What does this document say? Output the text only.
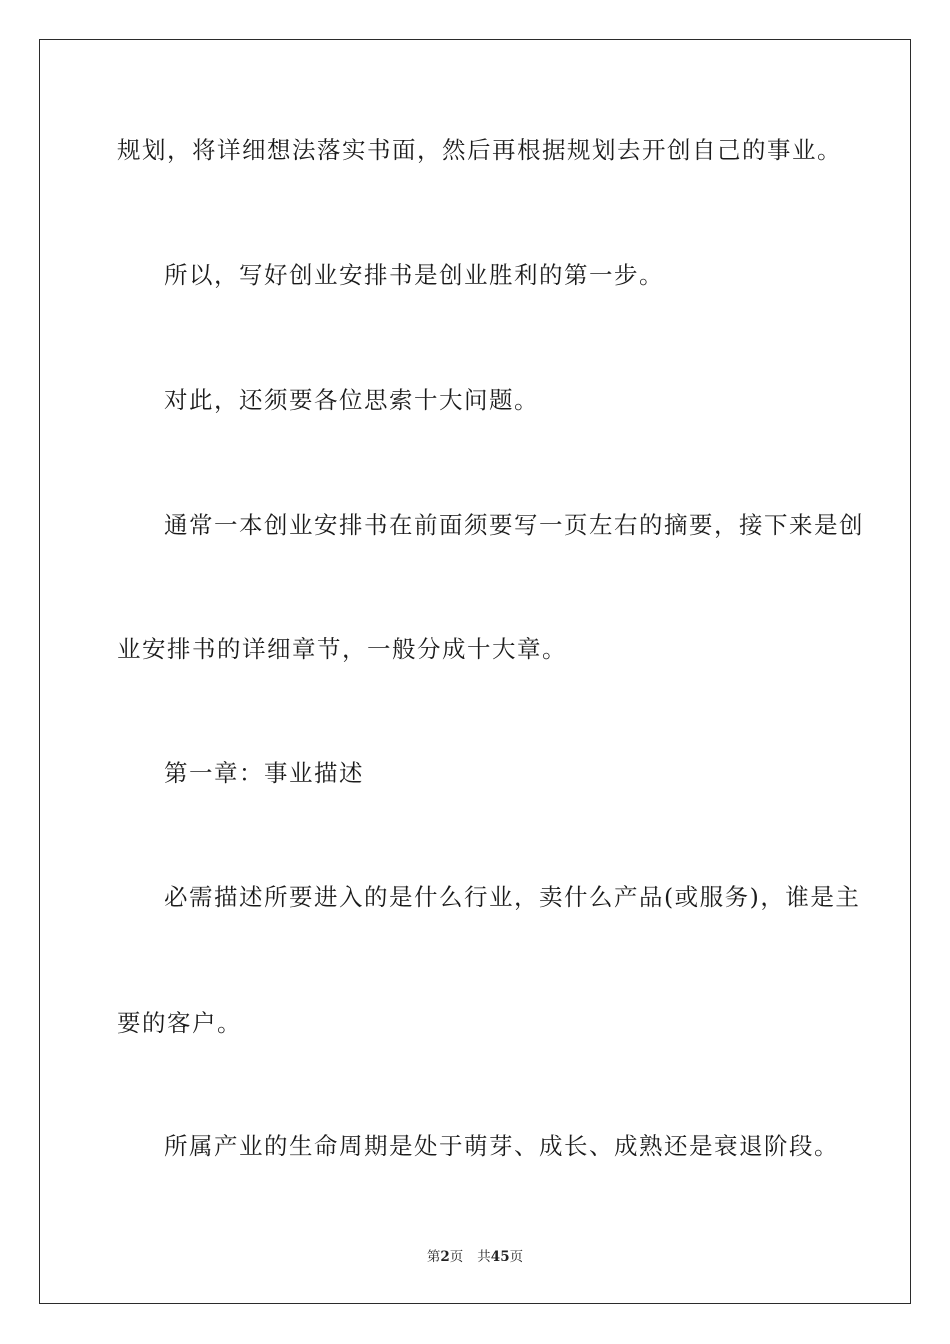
规划，将详细想法落实书面，然后再根据规划去开创自己的事业。
所以，写好创业安排书是创业胜利的第一步。
对此，还须要各位思索十大问题。
通常一本创业安排书在前面须要写一页左右的摘要，接下来是创
业安排书的详细章节，一般分成十大章。
第一章：事业描述
必需描述所要进入的是什么行业，卖什么产品(或服务)，谁是主
要的客户。
所属产业的生命周期是处于萌芽、成长、成熟还是衰退阶段。
第2页 共45页
